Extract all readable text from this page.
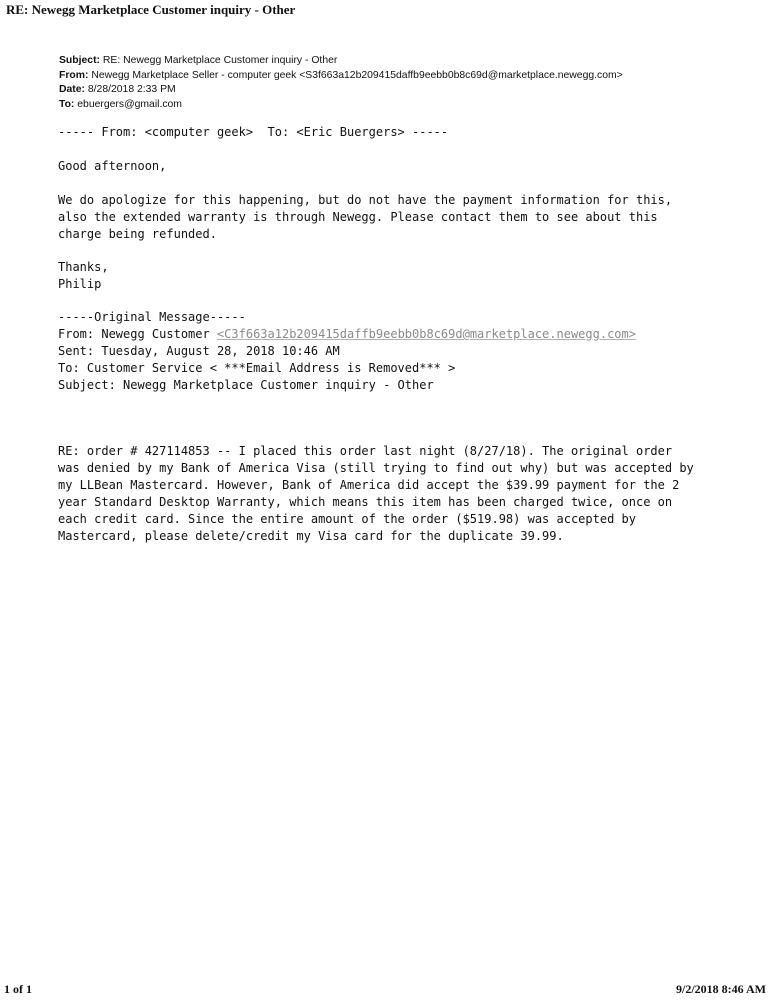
RE: Newegg Marketplace Customer inquiry - Other
Subject: RE: Newegg Marketplace Customer inquiry - Other
From: Newegg Marketplace Seller - computer geek <S3f663a12b209415daffb9eebb0b8c69d@marketplace.newegg.com>
Date: 8/28/2018 2:33 PM
To: ebuergers@gmail.com
----- From: <computer geek>  To: <Eric Buergers> -----
Good afternoon,
We do apologize for this happening, but do not have the payment information for this,
also the extended warranty is through Newegg. Please contact them to see about this
charge being refunded.
Thanks,
Philip
-----Original Message-----
From: Newegg Customer <C3f663a12b209415daffb9eebb0b8c69d@marketplace.newegg.com>
Sent: Tuesday, August 28, 2018 10:46 AM
To: Customer Service < ***Email Address is Removed*** >
Subject: Newegg Marketplace Customer inquiry - Other
RE: order # 427114853 -- I placed this order last night (8/27/18). The original order
was denied by my Bank of America Visa (still trying to find out why) but was accepted by
my LLBean Mastercard. However, Bank of America did accept the $39.99 payment for the 2
year Standard Desktop Warranty, which means this item has been charged twice, once on
each credit card. Since the entire amount of the order ($519.98) was accepted by
Mastercard, please delete/credit my Visa card for the duplicate 39.99.
1 of 1	9/2/2018 8:46 AM
